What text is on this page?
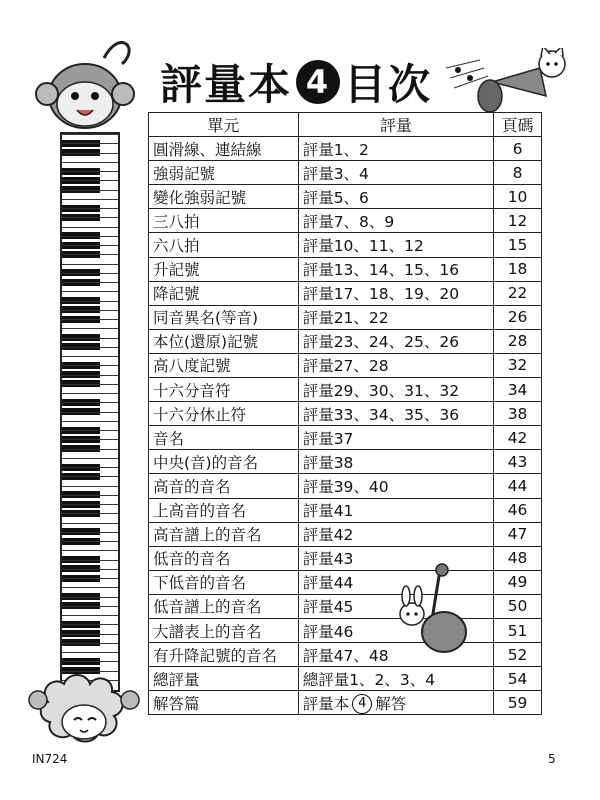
評量本 4 目次
單元	評量	頁碼
圓滑線、連結線	評量1、2	6
強弱記號	評量3、4	8
變化強弱記號	評量5、6	10
三八拍	評量7、8、9	12
六八拍	評量10、11、12	15
升記號	評量13、14、15、16	18
降記號	評量17、18、19、20	22
同音異名(等音)	評量21、22	26
本位(還原)記號	評量23、24、25、26	28
高八度記號	評量27、28	32
十六分音符	評量29、30、31、32	34
十六分休止符	評量33、34、35、36	38
音名	評量37	42
中央(音)的音名	評量38	43
高音的音名	評量39、40	44
上高音的音名	評量41	46
高音譜上的音名	評量42	47
低音的音名	評量43	48
下低音的音名	評量44	49
低音譜上的音名	評量45	50
大譜表上的音名	評量46	51
有升降記號的音名	評量47、48	52
總評量	總評量1、2、3、4	54
解答篇	評量本 4 解答	59
IN724	5
